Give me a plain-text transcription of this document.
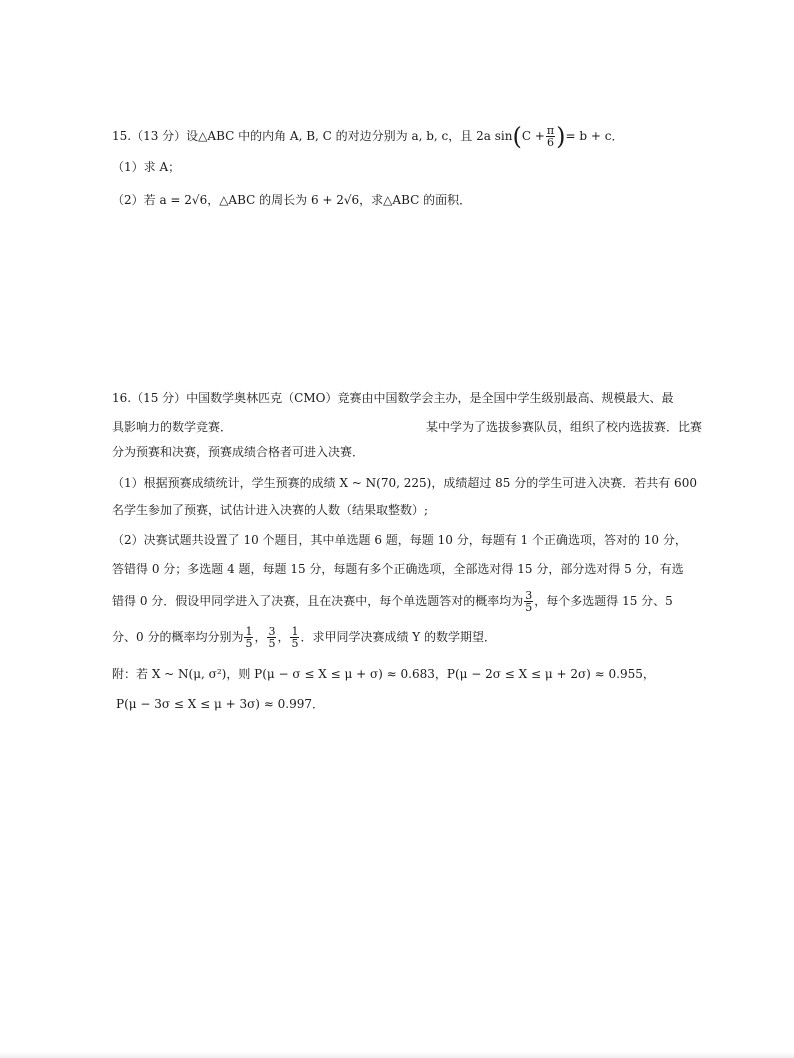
15.（13 分）设△ABC 中的内角 A, B, C 的对边分别为 a, b, c，且 2a $\sin(C + \frac{\pi}{6}$ )= b + c．
（1）求 A；
（2）若 a = 2√6，△ABC 的周长为 6 + 2√6，求△ABC 的面积．
16.（15 分）中国数学奥林匹克（CMO）竞赛由中国数学会主办，是全国中学生级别最高、规模最大、最
具影响力的数学竞赛．	某中学为了选拔参赛队员，组织了校内选拔赛．比赛
分为预赛和决赛，预赛成绩合格者可进入决赛．
（1）根据预赛成绩统计，学生预赛的成绩 X ~ N(70, 225)，成绩超过 85 分的学生可进入决赛．若共有 600
名学生参加了预赛，试估计进入决赛的人数（结果取整数）;
（2）决赛试题共设置了 10 个题目，其中单选题 6 题，每题 10 分，每题有 1 个正确选项，答对的 10 分，
答错得 0 分；多选题 4 题，每题 15 分，每题有多个正确选项，全部选对得 15 分，部分选对得 5 分，有选
错得 0 分．假设甲同学进入了决赛，且在决赛中，每个单选题答对的概率均为 $\frac{3}{5}$ ，每个多选题得 15 分、5
分、0 分的概率均分别为 $\frac{1}{5}$ ， $\frac{3}{5}$ ， $\frac{1}{5}$ ．求甲同学决赛成绩 Y 的数学期望．
附：若 X ~ N(μ, σ²)，则 P(μ − σ ≤ X ≤ μ + σ) ≈ 0.683，P(μ − 2σ ≤ X ≤ μ + 2σ) ≈ 0.955，
P(μ − 3σ ≤ X ≤ μ + 3σ) ≈ 0.997．
